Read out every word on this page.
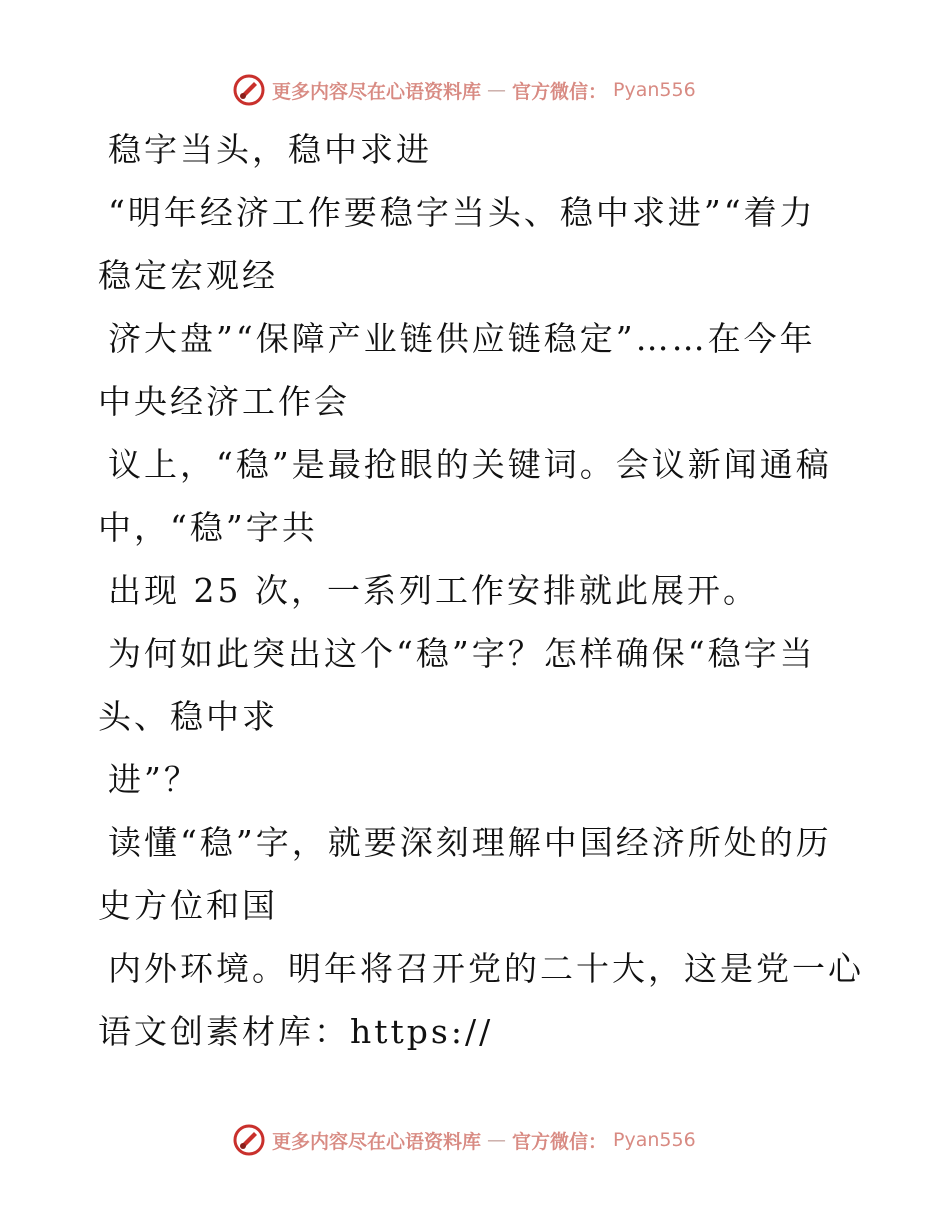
更多内容尽在心语资料库 — 官方微信： Pyan556
稳字当头，稳中求进
“明年经济工作要稳字当头、稳中求进”“着力
稳定宏观经
济大盘”“保障产业链供应链稳定”……在今年
中央经济工作会
议上，“稳”是最抢眼的关键词。会议新闻通稿
中，“稳”字共
出现 25 次，一系列工作安排就此展开。
为何如此突出这个“稳”字？怎样确保“稳字当
头、稳中求
进”？
读懂“稳”字，就要深刻理解中国经济所处的历
史方位和国
内外环境。明年将召开党的二十大，这是党一心
语文创素材库：https://
更多内容尽在心语资料库 — 官方微信： Pyan556
